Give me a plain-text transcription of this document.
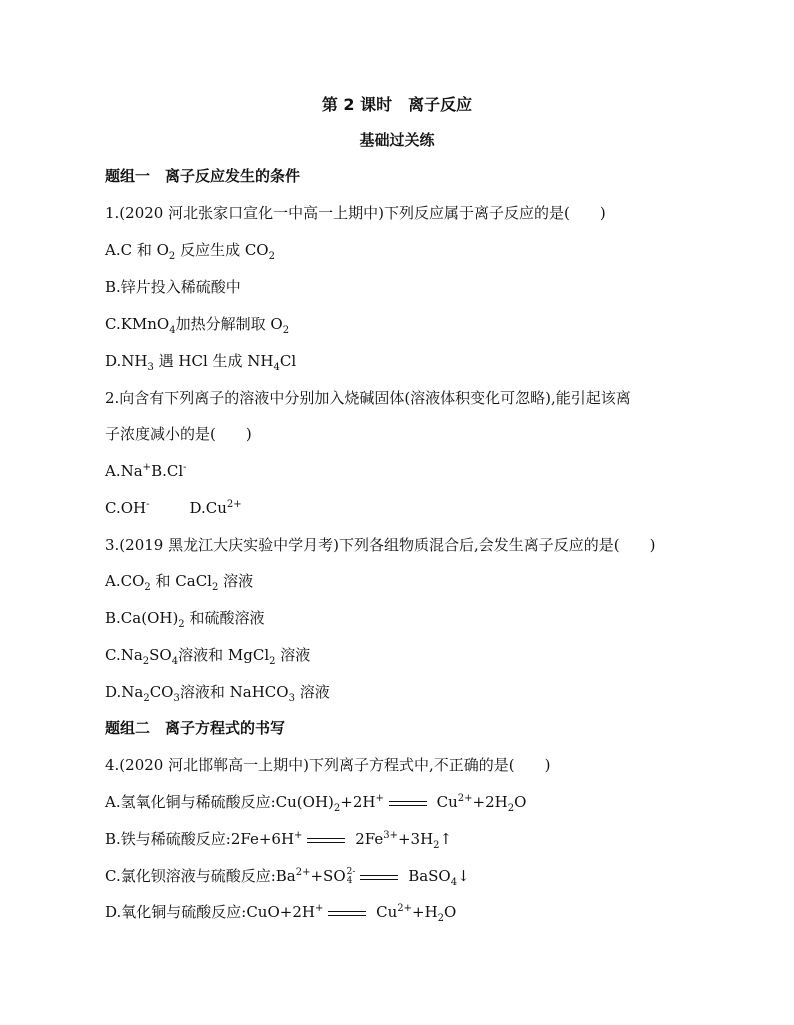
第 2 课时　离子反应
基础过关练
题组一　离子反应发生的条件
1.(2020 河北张家口宣化一中高一上期中)下列反应属于离子反应的是(　　)
A.C 和 $O_2$ 反应生成 $CO_2$
B.锌片投入稀硫酸中
C.KMnO$_4$加热分解制取 $O_2$
$D.NH_3$ 遇 HCl 生成 $NH_4Cl$
2.向含有下列离子的溶液中分别加入烧碱固体(溶液体积变化可忽略),能引起该离
子浓度减小的是(　　)
A.Na+B.Cl-
C.OH-	$D.Cu^{2+}$
3.(2019 黑龙江大庆实验中学月考)下列各组物质混合后,会发生离子反应的是(　　)
$A.CO_2$ 和 CaCl$_2$ 溶液
$B.Ca(OH)_2$ 和硫酸溶液
$C.Na_2SO_4$溶液和 MgCl$_2$ 溶液
$D.Na_2CO_3$溶液和 NaHCO$_3$ 溶液
题组二　离子方程式的书写
4.(2020 河北邯郸高一上期中)下列离子方程式中,不正确的是(　　)
A.氢氧化铜与稀硫酸反应$:Cu(OH)_2+2H^+$	$Cu^{2+}+2H_2O$
B.铁与稀硫酸反应:2Fe+6H+	$2Fe^{3+}+3H_2↑$
C.氯化钡溶液与硫酸反应$:Ba^{2+}+SO$ 2-
4	BaSO$_4$↓
D.氧化铜与硫酸反应:CuO+2H+	$Cu^{2+}+H_2O$
